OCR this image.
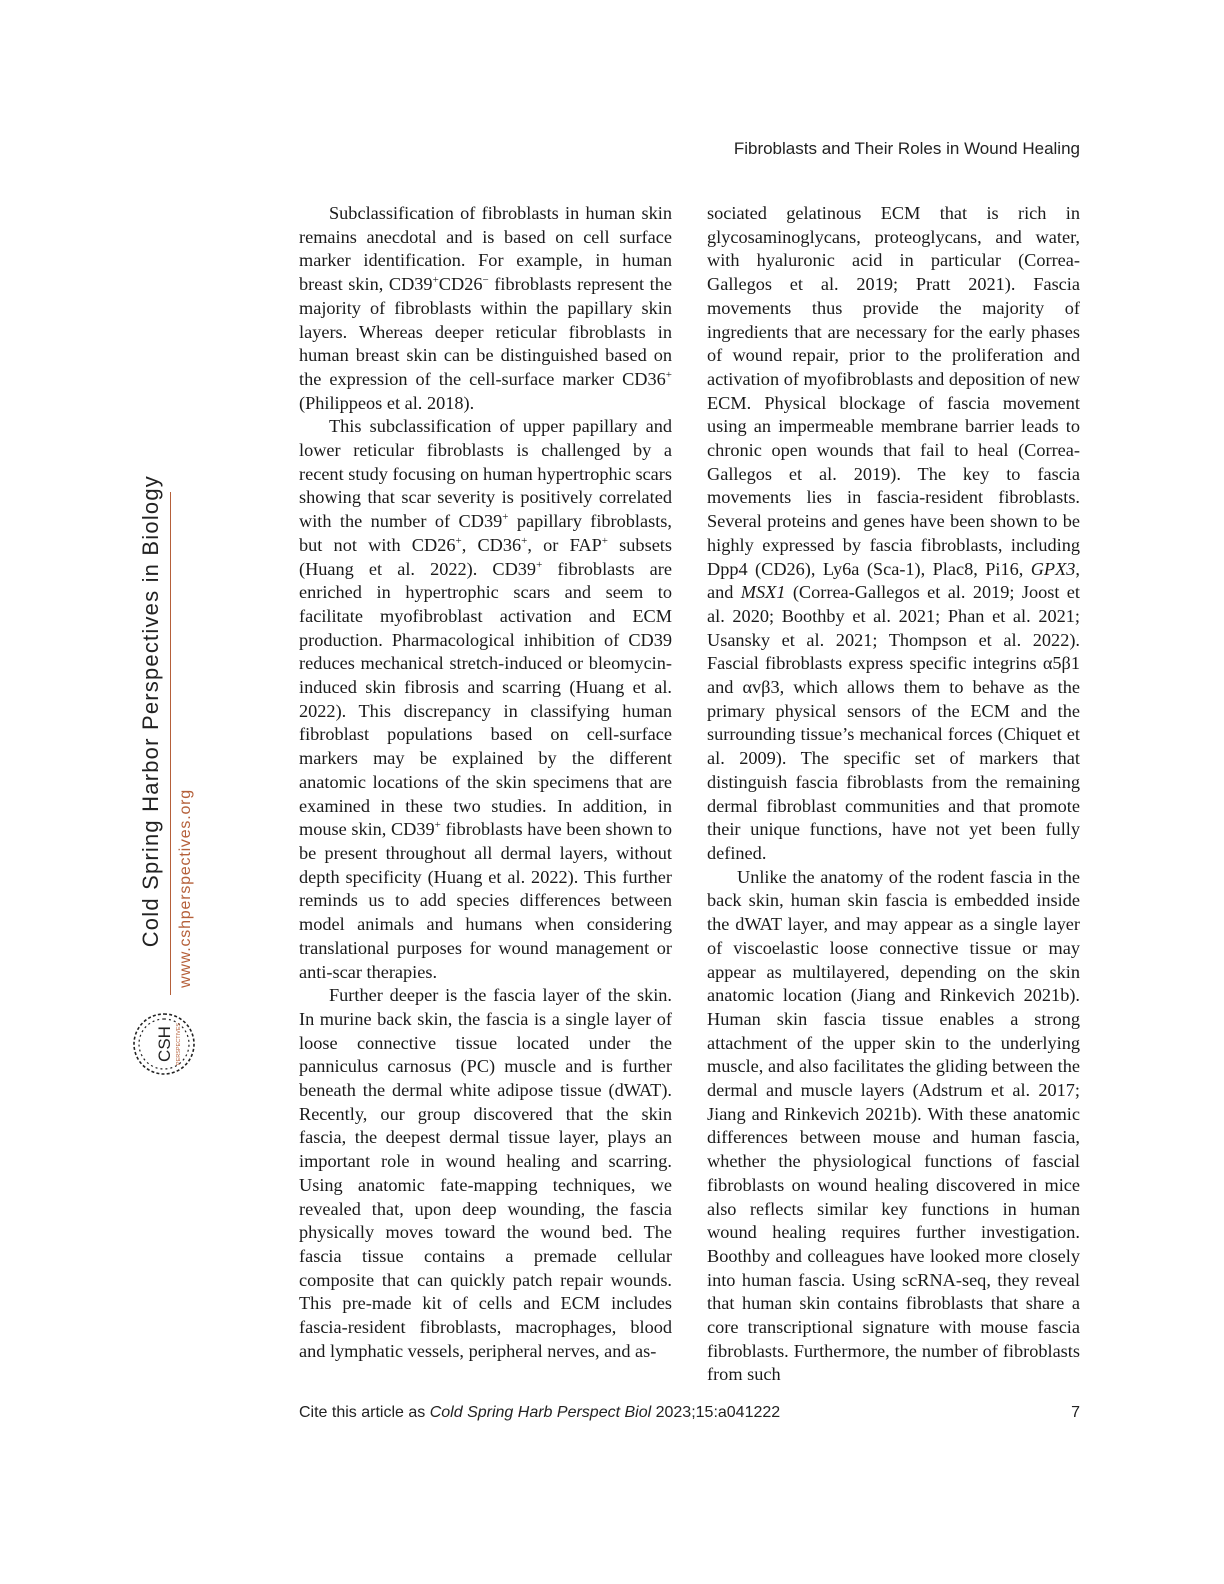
Fibroblasts and Their Roles in Wound Healing
Cold Spring Harbor Perspectives in Biology www.cshperspectives.org
CSH PERSPECTIVES

Subclassification of fibroblasts in human skin remains anecdotal and is based on cell surface marker identification. For example, in human breast skin, CD39+CD26− fibroblasts represent the majority of fibroblasts within the papillary skin layers. Whereas deeper reticular fibroblasts in human breast skin can be distinguished based on the expression of the cell-surface marker CD36+ (Philippeos et al. 2018).

This subclassification of upper papillary and lower reticular fibroblasts is challenged by a recent study focusing on human hypertrophic scars showing that scar severity is positively correlated with the number of CD39+ papillary fibroblasts, but not with CD26+, CD36+, or FAP+ subsets (Huang et al. 2022). CD39+ fibroblasts are enriched in hypertrophic scars and seem to facilitate myofibroblast activation and ECM production. Pharmacological inhibition of CD39 reduces mechanical stretch-induced or bleomycin-induced skin fibrosis and scarring (Huang et al. 2022). This discrepancy in classifying human fibroblast populations based on cell-surface markers may be explained by the different anatomic locations of the skin specimens that are examined in these two studies. In addition, in mouse skin, CD39+ fibroblasts have been shown to be present throughout all dermal layers, without depth specificity (Huang et al. 2022). This further reminds us to add species differences between model animals and humans when considering translational purposes for wound management or anti-scar therapies.

Further deeper is the fascia layer of the skin. In murine back skin, the fascia is a single layer of loose connective tissue located under the panniculus carnosus (PC) muscle and is further beneath the dermal white adipose tissue (dWAT). Recently, our group discovered that the skin fascia, the deepest dermal tissue layer, plays an important role in wound healing and scarring. Using anatomic fate-mapping techniques, we revealed that, upon deep wounding, the fascia physically moves toward the wound bed. The fascia tissue contains a premade cellular composite that can quickly patch repair wounds. This pre-made kit of cells and ECM includes fascia-resident fibroblasts, macrophages, blood and lymphatic vessels, peripheral nerves, and as-

sociated gelatinous ECM that is rich in glycosaminoglycans, proteoglycans, and water, with hyaluronic acid in particular (Correa-Gallegos et al. 2019; Pratt 2021). Fascia movements thus provide the majority of ingredients that are necessary for the early phases of wound repair, prior to the proliferation and activation of myofibroblasts and deposition of new ECM. Physical blockage of fascia movement using an impermeable membrane barrier leads to chronic open wounds that fail to heal (Correa-Gallegos et al. 2019). The key to fascia movements lies in fascia-resident fibroblasts. Several proteins and genes have been shown to be highly expressed by fascia fibroblasts, including Dpp4 (CD26), Ly6a (Sca-1), Plac8, Pi16, GPX3, and MSX1 (Correa-Gallegos et al. 2019; Joost et al. 2020; Boothby et al. 2021; Phan et al. 2021; Usansky et al. 2021; Thompson et al. 2022). Fascial fibroblasts express specific integrins α5β1 and αvβ3, which allows them to behave as the primary physical sensors of the ECM and the surrounding tissue’s mechanical forces (Chiquet et al. 2009). The specific set of markers that distinguish fascia fibroblasts from the remaining dermal fibroblast communities and that promote their unique functions, have not yet been fully defined.

Unlike the anatomy of the rodent fascia in the back skin, human skin fascia is embedded inside the dWAT layer, and may appear as a single layer of viscoelastic loose connective tissue or may appear as multilayered, depending on the skin anatomic location (Jiang and Rinkevich 2021b). Human skin fascia tissue enables a strong attachment of the upper skin to the underlying muscle, and also facilitates the gliding between the dermal and muscle layers (Adstrum et al. 2017; Jiang and Rinkevich 2021b). With these anatomic differences between mouse and human fascia, whether the physiological functions of fascial fibroblasts on wound healing discovered in mice also reflects similar key functions in human wound healing requires further investigation. Boothby and colleagues have looked more closely into human fascia. Using scRNA-seq, they reveal that human skin contains fibroblasts that share a core transcriptional signature with mouse fascia fibroblasts. Furthermore, the number of fibroblasts from such

Cite this article as Cold Spring Harb Perspect Biol 2023;15:a041222	7
